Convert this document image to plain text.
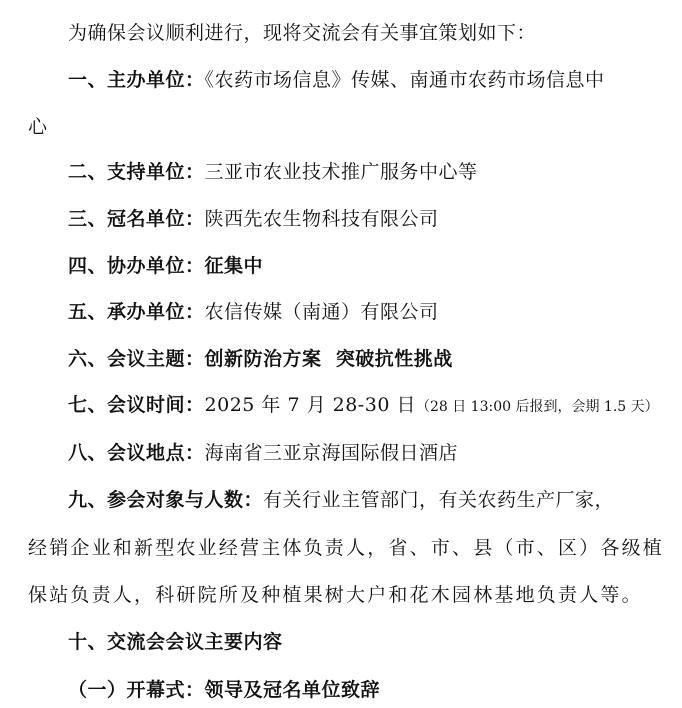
为确保会议顺利进行，现将交流会有关事宜策划如下：
一、主办单位：《农药市场信息》传媒、南通市农药市场信息中
心
二、支持单位：三亚市农业技术推广服务中心等
三、冠名单位：陕西先农生物科技有限公司
四、协办单位：征集中
五、承办单位：农信传媒（南通）有限公司
六、会议主题：创新防治方案  突破抗性挑战
七、会议时间：2025 年 7 月 28-30 日（28 日 13:00 后报到，会期 1.5 天）
八、会议地点：海南省三亚京海国际假日酒店
九、参会对象与人数：有关行业主管部门，有关农药生产厂家，
经销企业和新型农业经营主体负责人，省、市、县（市、区）各级植
保站负责人，科研院所及种植果树大户和花木园林基地负责人等。
十、交流会会议主要内容
（一）开幕式：领导及冠名单位致辞
